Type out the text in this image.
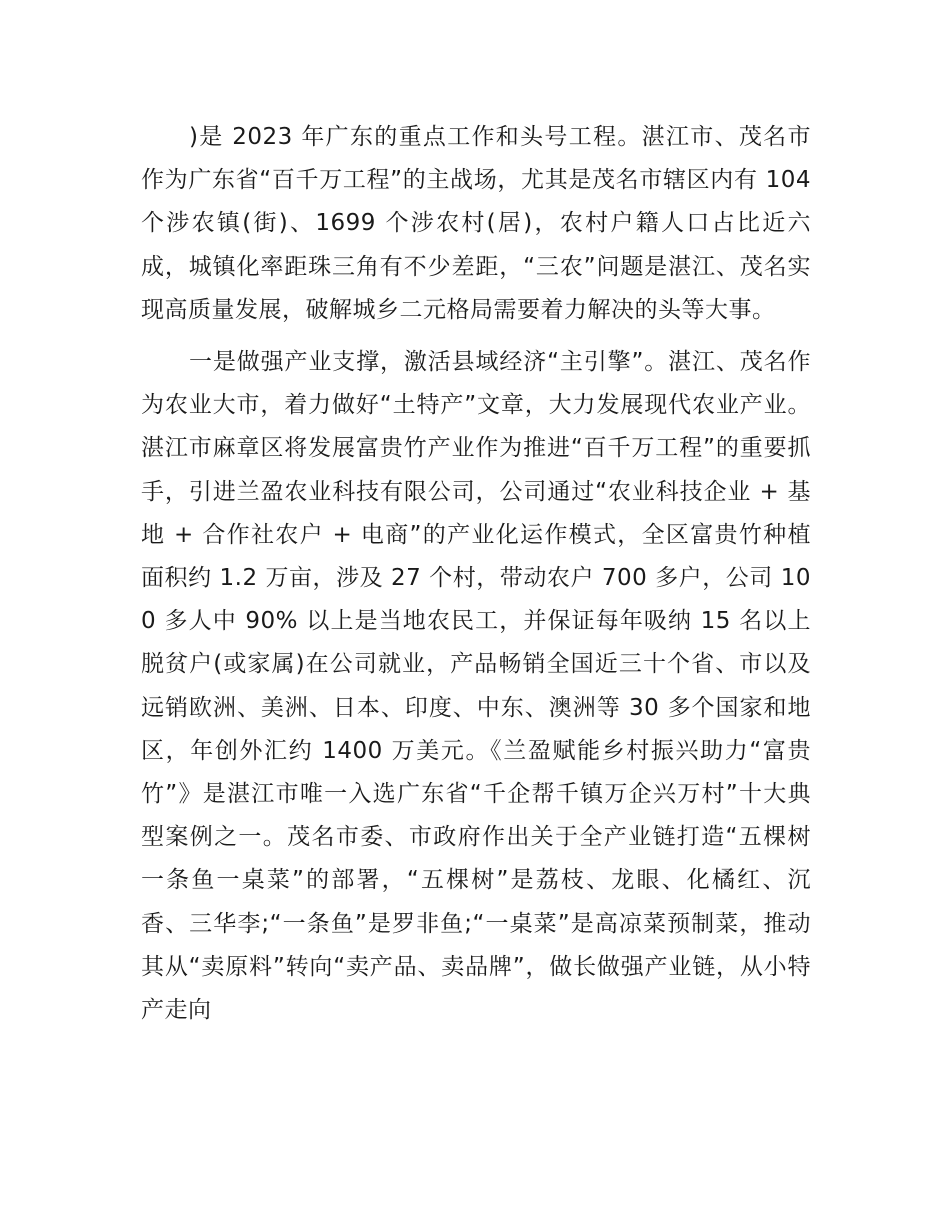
)是 2023 年广东的重点工作和头号工程。湛江市、茂名市作为广东省“百千万工程”的主战场，尤其是茂名市辖区内有 104 个涉农镇(街)、1699 个涉农村(居)，农村户籍人口占比近六成，城镇化率距珠三角有不少差距，“三农”问题是湛江、茂名实现高质量发展，破解城乡二元格局需要着力解决的头等大事。

一是做强产业支撑，激活县域经济“主引擎”。湛江、茂名作为农业大市，着力做好“土特产”文章，大力发展现代农业产业。湛江市麻章区将发展富贵竹产业作为推进“百千万工程”的重要抓手，引进兰盈农业科技有限公司，公司通过“农业科技企业 + 基地 + 合作社农户 + 电商”的产业化运作模式，全区富贵竹种植面积约 1.2 万亩，涉及 27 个村，带动农户 700 多户，公司 100 多人中 90% 以上是当地农民工，并保证每年吸纳 15 名以上脱贫户(或家属)在公司就业，产品畅销全国近三十个省、市以及远销欧洲、美洲、日本、印度、中东、澳洲等 30 多个国家和地区，年创外汇约 1400 万美元。《兰盈赋能乡村振兴助力“富贵竹”》是湛江市唯一入选广东省“千企帮千镇万企兴万村”十大典型案例之一。茂名市委、市政府作出关于全产业链打造“五棵树一条鱼一桌菜”的部署，“五棵树”是荔枝、龙眼、化橘红、沉香、三华李;“一条鱼”是罗非鱼;“一桌菜”是高凉菜预制菜，推动其从“卖原料”转向“卖产品、卖品牌”，做长做强产业链，从小特产走向
